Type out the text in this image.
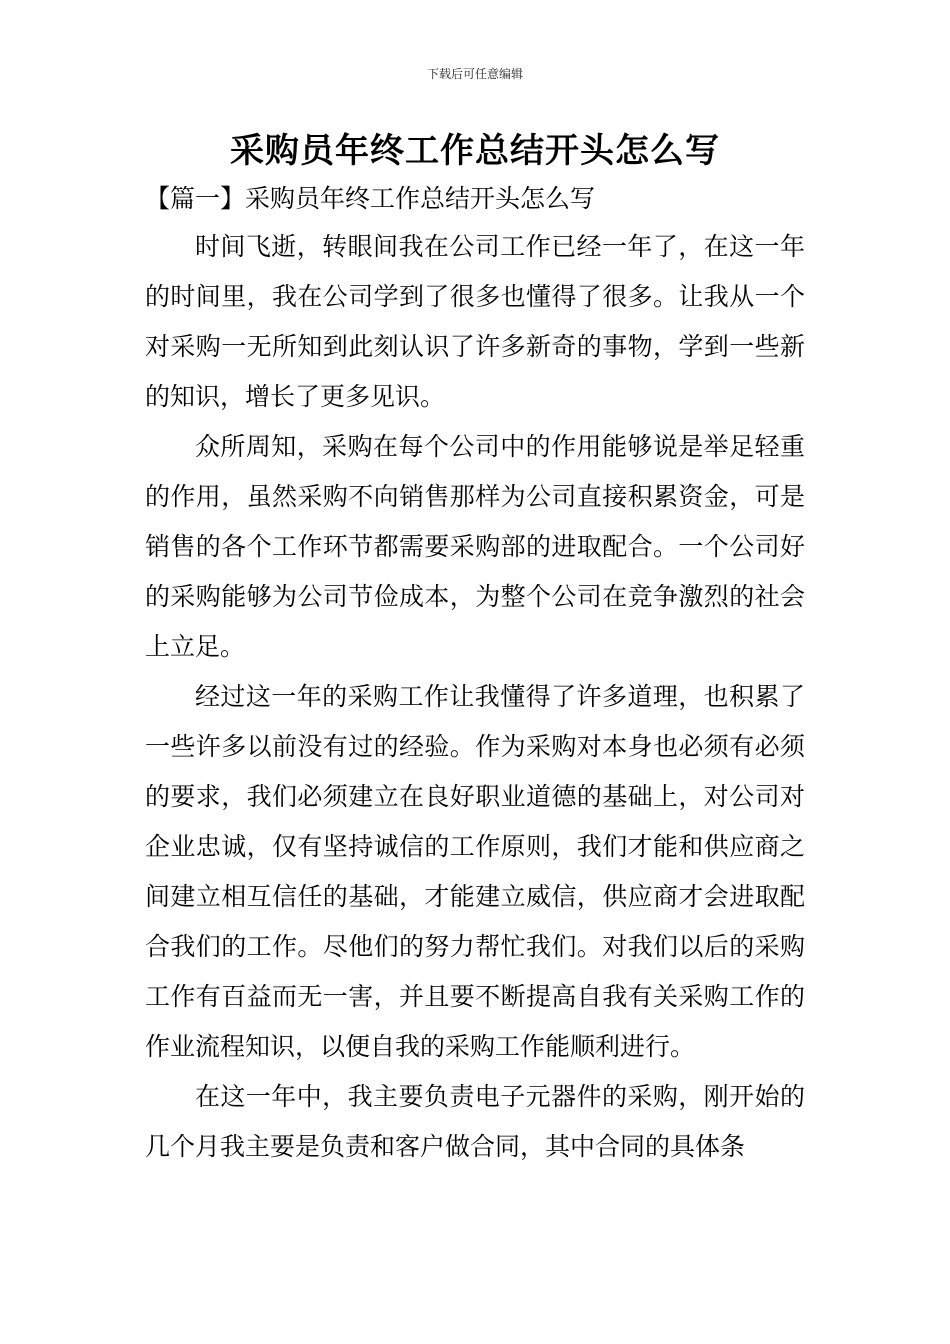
下载后可任意编辑
采购员年终工作总结开头怎么写
【篇一】采购员年终工作总结开头怎么写

时间飞逝，转眼间我在公司工作已经一年了，在这一年的时间里，我在公司学到了很多也懂得了很多。让我从一个对采购一无所知到此刻认识了许多新奇的事物，学到一些新的知识，增长了更多见识。

众所周知，采购在每个公司中的作用能够说是举足轻重的作用，虽然采购不向销售那样为公司直接积累资金，可是销售的各个工作环节都需要采购部的进取配合。一个公司好的采购能够为公司节俭成本，为整个公司在竞争激烈的社会上立足。

经过这一年的采购工作让我懂得了许多道理，也积累了一些许多以前没有过的经验。作为采购对本身也必须有必须的要求，我们必须建立在良好职业道德的基础上，对公司对企业忠诚，仅有坚持诚信的工作原则，我们才能和供应商之间建立相互信任的基础，才能建立威信，供应商才会进取配合我们的工作。尽他们的努力帮忙我们。对我们以后的采购工作有百益而无一害，并且要不断提高自我有关采购工作的作业流程知识，以便自我的采购工作能顺利进行。

在这一年中，我主要负责电子元器件的采购，刚开始的几个月我主要是负责和客户做合同，其中合同的具体条
